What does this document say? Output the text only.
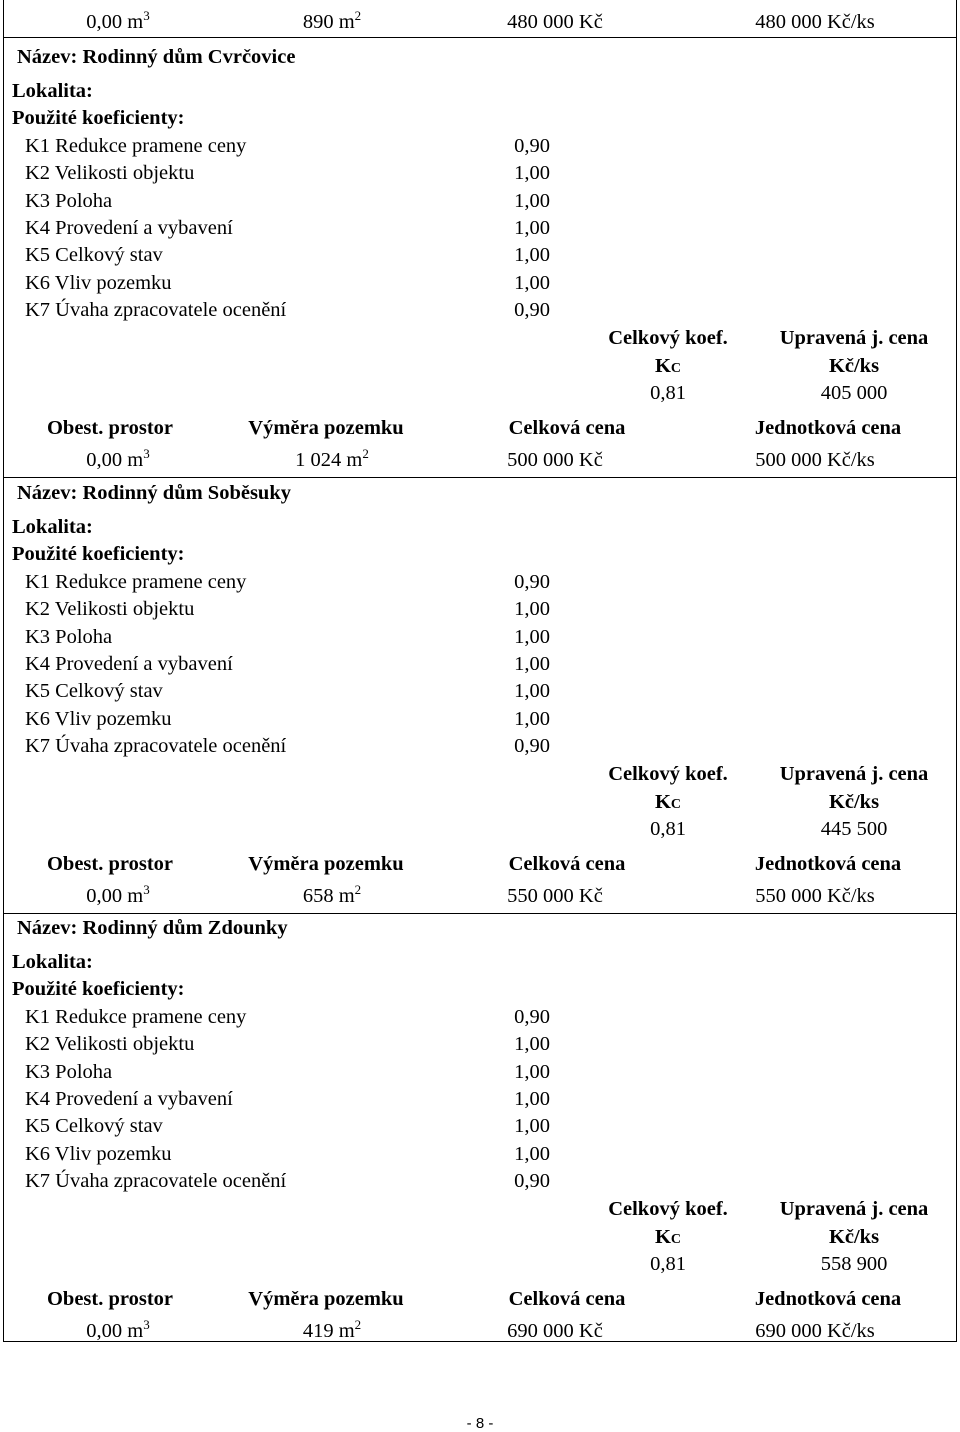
0,00 $m^3$	890 $m^2$	480 000 Kč	480 000 Kč/ks
Název: Rodinný dům Cvrčovice
Lokalita:
Použité koeficienty:
K1 Redukce pramene ceny	0,90
K2 Velikosti objektu	1,00
K3 Poloha	1,00
K4 Provedení a vybavení	1,00
K5 Celkový stav	1,00
K6 Vliv pozemku	1,00
K7 Úvaha zpracovatele ocenění	0,90
Celkový koef.	Upravená j. cena
KC	Kč/ks
0,81	405 000
Obest. prostor	Výměra pozemku	Celková cena	Jednotková cena
0,00 $m^3$	1 024 $m^2$	500 000 Kč	500 000 Kč/ks
Název: Rodinný dům Soběsuky
Lokalita:
Použité koeficienty:
K1 Redukce pramene ceny	0,90
K2 Velikosti objektu	1,00
K3 Poloha	1,00
K4 Provedení a vybavení	1,00
K5 Celkový stav	1,00
K6 Vliv pozemku	1,00
K7 Úvaha zpracovatele ocenění	0,90
Celkový koef.	Upravená j. cena
KC	Kč/ks
0,81	445 500
Obest. prostor	Výměra pozemku	Celková cena	Jednotková cena
0,00 $m^3$	658 $m^2$	550 000 Kč	550 000 Kč/ks
Název: Rodinný dům Zdounky
Lokalita:
Použité koeficienty:
K1 Redukce pramene ceny	0,90
K2 Velikosti objektu	1,00
K3 Poloha	1,00
K4 Provedení a vybavení	1,00
K5 Celkový stav	1,00
K6 Vliv pozemku	1,00
K7 Úvaha zpracovatele ocenění	0,90
Celkový koef.	Upravená j. cena
KC	Kč/ks
0,81	558 900
Obest. prostor	Výměra pozemku	Celková cena	Jednotková cena
0,00 $m^3$	419 $m^2$	690 000 Kč	690 000 Kč/ks
- 8 -
